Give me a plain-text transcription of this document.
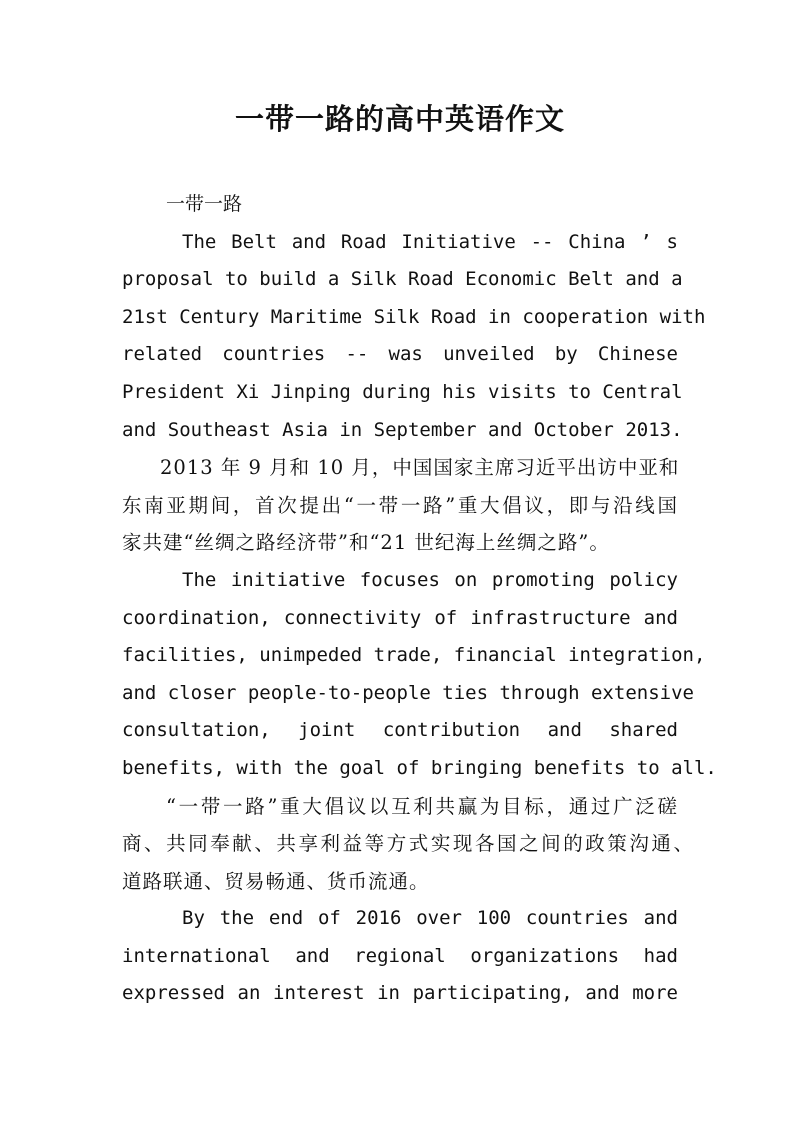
一带一路的高中英语作文
一带一路
The Belt and Road Initiative -- China ’ s
proposal to build a Silk Road Economic Belt and a
21st Century Maritime Silk Road in cooperation with
related countries -- was unveiled by Chinese
President Xi Jinping during his visits to Central
and Southeast Asia in September and October 2013.
2013 年 9 月和 10 月，中国国家主席习近平出访中亚和
东南亚期间，首次提出“一带一路”重大倡议，即与沿线国
家共建“丝绸之路经济带”和“21 世纪海上丝绸之路”。
The initiative focuses on promoting policy
coordination, connectivity of infrastructure and
facilities, unimpeded trade, financial integration,
and closer people-to-people ties through extensive
consultation, joint contribution and shared
benefits, with the goal of bringing benefits to all.
“一带一路”重大倡议以互利共赢为目标，通过广泛磋
商、共同奉献、共享利益等方式实现各国之间的政策沟通、
道路联通、贸易畅通、货币流通。
By the end of 2016 over 100 countries and
international and regional organizations had
expressed an interest in participating, and more
